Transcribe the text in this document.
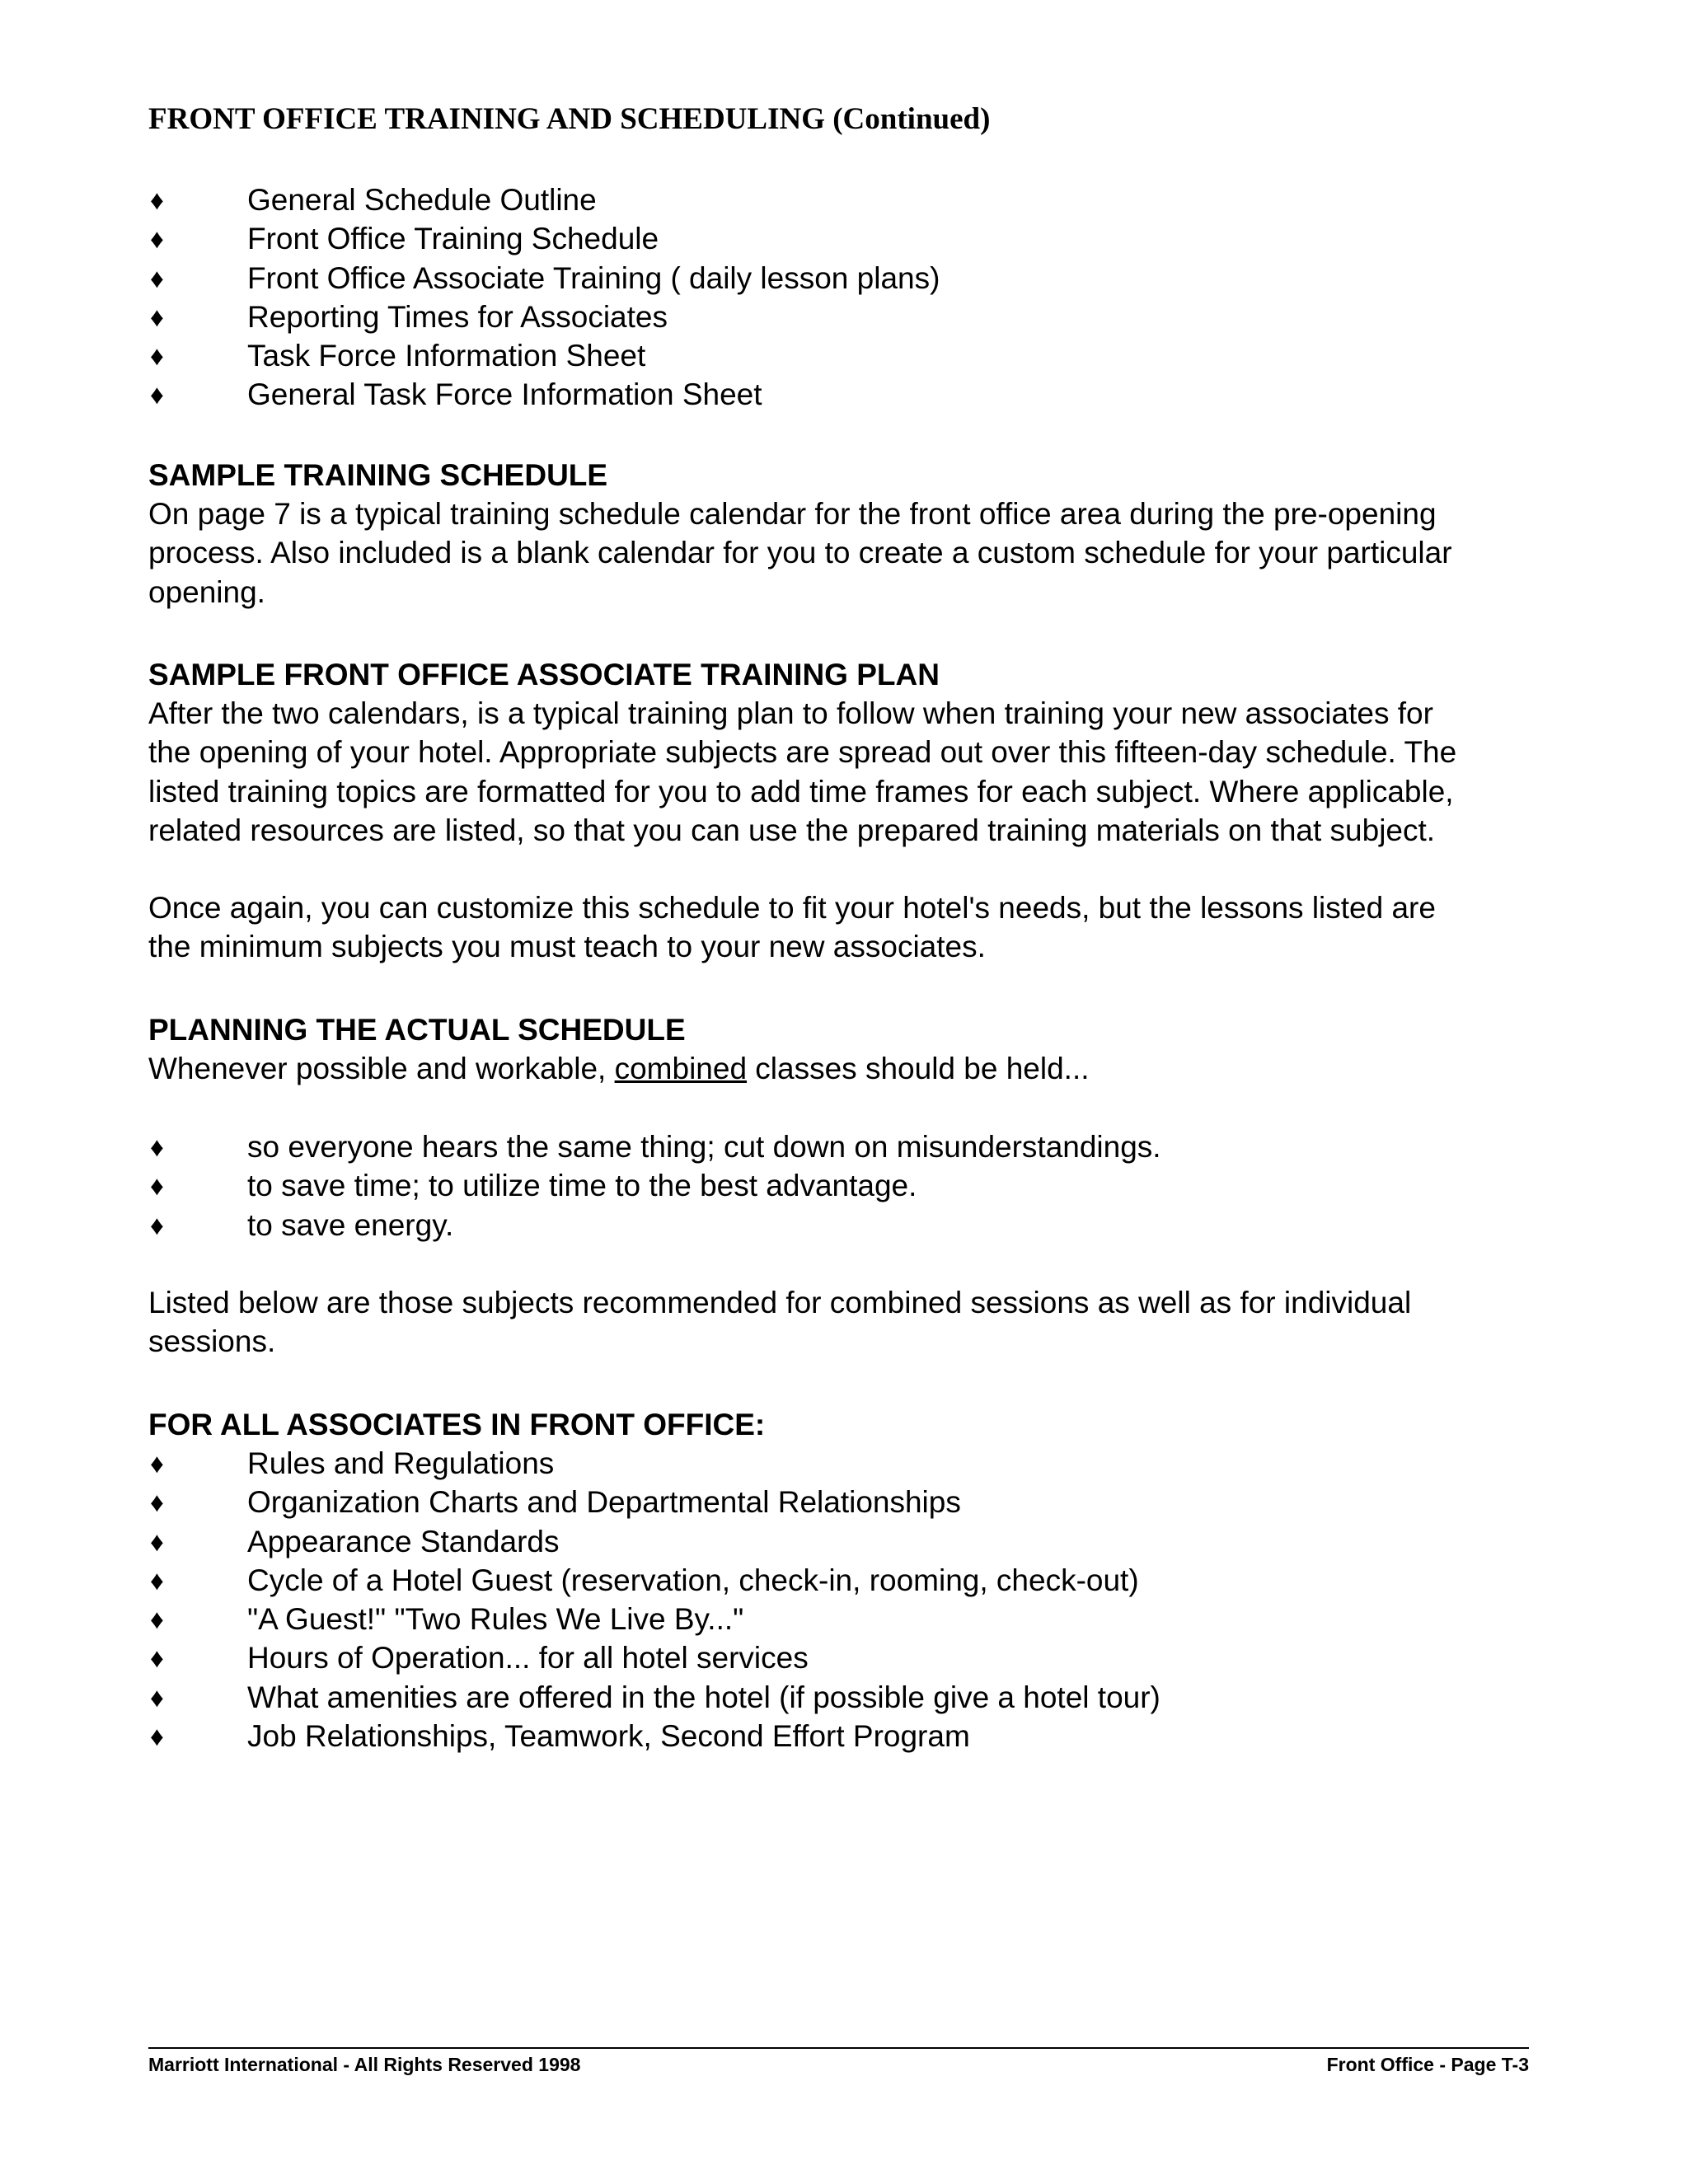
FRONT OFFICE TRAINING AND SCHEDULING (Continued)
♦	General Schedule Outline
♦	Front Office Training Schedule
♦	Front Office Associate Training ( daily lesson plans)
♦	Reporting Times for Associates
♦	Task Force Information Sheet
♦	General Task Force Information Sheet
SAMPLE TRAINING SCHEDULE

On page 7 is a typical training schedule calendar for the front office area during the pre-opening
process. Also included is a blank calendar for you to create a custom schedule for your particular
opening.

SAMPLE FRONT OFFICE ASSOCIATE TRAINING PLAN

After the two calendars, is a typical training plan to follow when training your new associates for
the opening of your hotel. Appropriate subjects are spread out over this fifteen-day schedule. The
listed training topics are formatted for you to add time frames for each subject. Where applicable,
related resources are listed, so that you can use the prepared training materials on that subject.

Once again, you can customize this schedule to fit your hotel's needs, but the lessons listed are
the minimum subjects you must teach to your new associates.

PLANNING THE ACTUAL SCHEDULE

Whenever possible and workable, combined classes should be held...

♦	so everyone hears the same thing; cut down on misunderstandings.
♦	to save time; to utilize time to the best advantage.
♦	to save energy.

Listed below are those subjects recommended for combined sessions as well as for individual
sessions.

FOR ALL ASSOCIATES IN FRONT OFFICE:
♦	Rules and Regulations
♦	Organization Charts and Departmental Relationships
♦	Appearance Standards
♦	Cycle of a Hotel Guest (reservation, check-in, rooming, check-out)
♦	"A Guest!" "Two Rules We Live By..."
♦	Hours of Operation... for all hotel services
♦	What amenities are offered in the hotel (if possible give a hotel tour)
♦	Job Relationships, Teamwork, Second Effort Program
Marriott International - All Rights Reserved 1998	Front Office - Page T-3
